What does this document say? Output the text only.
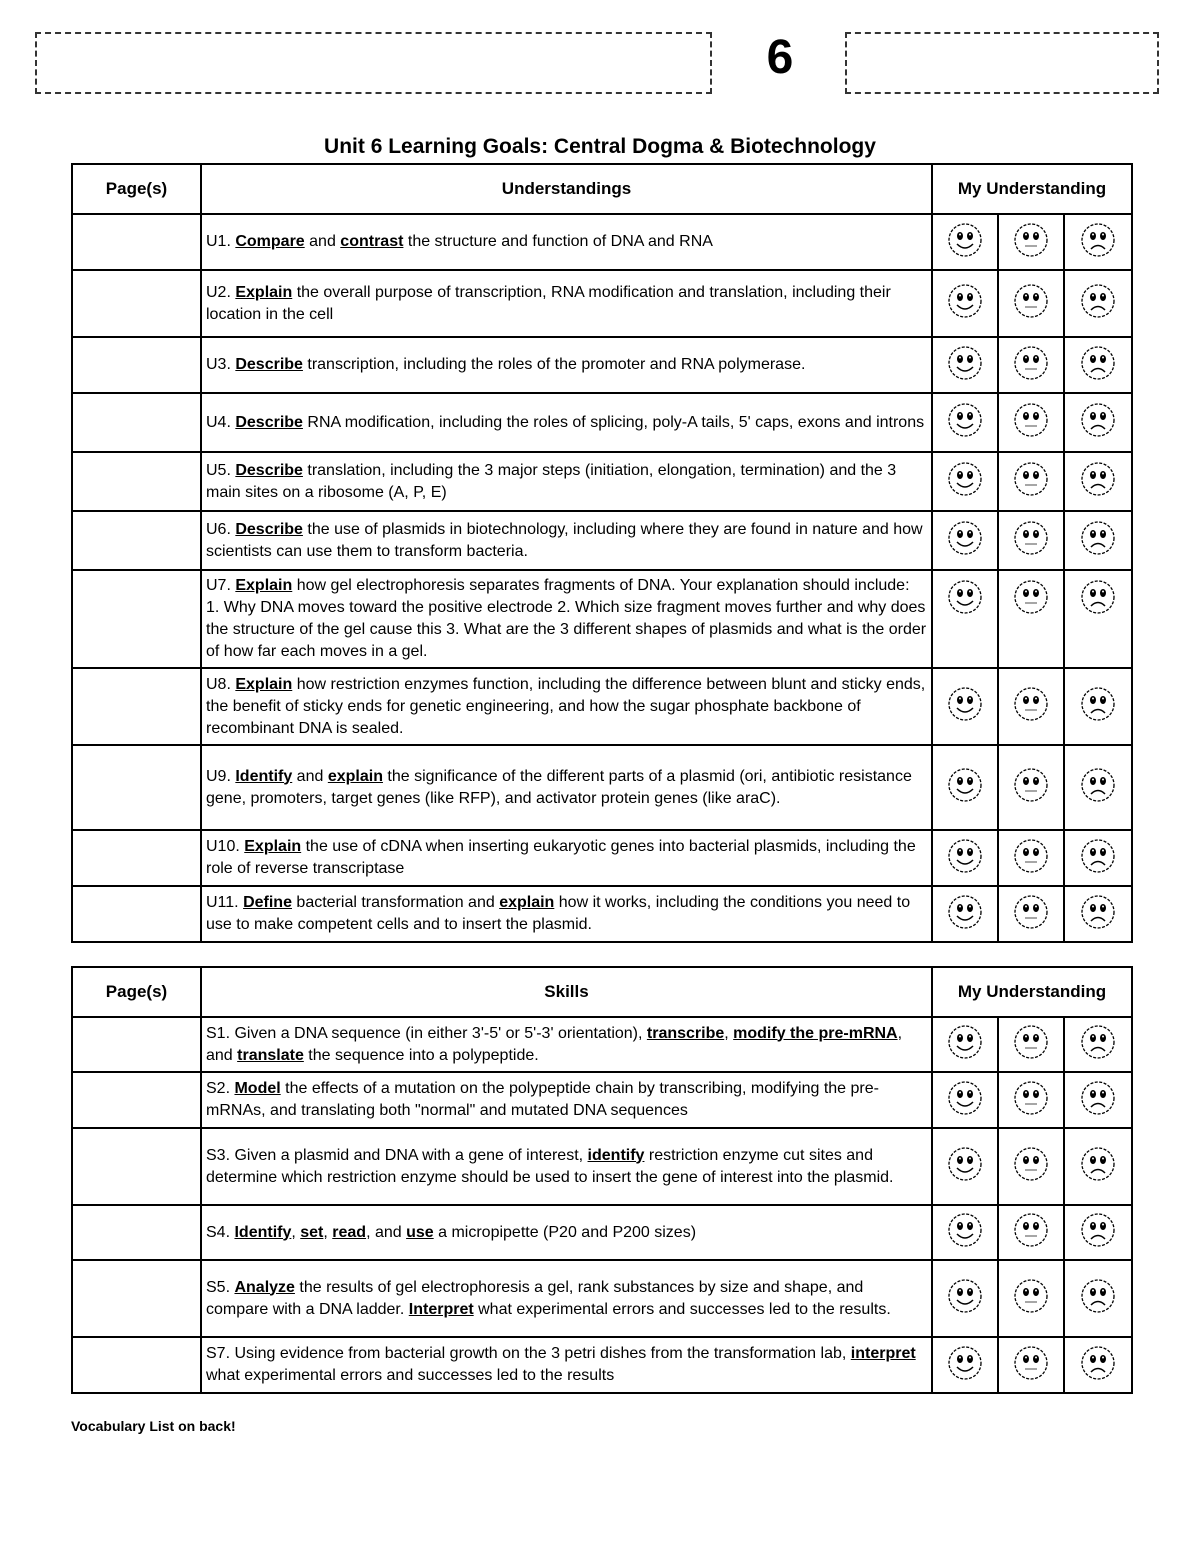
6
Unit 6 Learning Goals: Central Dogma & Biotechnology
Page(s)	Understandings	My Understanding		
	U1. Compare and contrast the structure and function of DNA and RNA			
	U2. Explain the overall purpose of transcription, RNA modification and translation, including their location in the cell			
	U3. Describe transcription, including the roles of the promoter and RNA polymerase.			
	U4. Describe RNA modification, including the roles of splicing, poly-A tails, 5' caps, exons and introns			
	U5. Describe translation, including the 3 major steps (initiation, elongation, termination) and the 3 main sites on a ribosome (A, P, E)			
	U6. Describe the use of plasmids in biotechnology, including where they are found in nature and how scientists can use them to transform bacteria.			
	U7. Explain how gel electrophoresis separates fragments of DNA. Your explanation should include: 1. Why DNA moves toward the positive electrode 2. Which size fragment moves further and why does the structure of the gel cause this 3. What are the 3 different shapes of plasmids and what is the order of how far each moves in a gel.			
	U8. Explain how restriction enzymes function, including the difference between blunt and sticky ends, the benefit of sticky ends for genetic engineering, and how the sugar phosphate backbone of recombinant DNA is sealed.			
	U9. Identify and explain the significance of the different parts of a plasmid (ori, antibiotic resistance gene, promoters, target genes (like RFP), and activator protein genes (like araC).			
	U10. Explain the use of cDNA when inserting eukaryotic genes into bacterial plasmids, including the role of reverse transcriptase			
	U11. Define bacterial transformation and explain how it works, including the conditions you need to use to make competent cells and to insert the plasmid.			
Page(s)	Skills	My Understanding		
	S1. Given a DNA sequence (in either 3'-5' or 5'-3' orientation), transcribe, modify the pre-mRNA, and translate the sequence into a polypeptide.			
	S2. Model the effects of a mutation on the polypeptide chain by transcribing, modifying the pre-mRNAs, and translating both "normal" and mutated DNA sequences			
	S3. Given a plasmid and DNA with a gene of interest, identify restriction enzyme cut sites and determine which restriction enzyme should be used to insert the gene of interest into the plasmid.			
	S4. Identify, set, read, and use a micropipette (P20 and P200 sizes)			
	S5. Analyze the results of gel electrophoresis a gel, rank substances by size and shape, and compare with a DNA ladder. Interpret what experimental errors and successes led to the results.			
	S7. Using evidence from bacterial growth on the 3 petri dishes from the transformation lab, interpret what experimental errors and successes led to the results			
Vocabulary List on back!
